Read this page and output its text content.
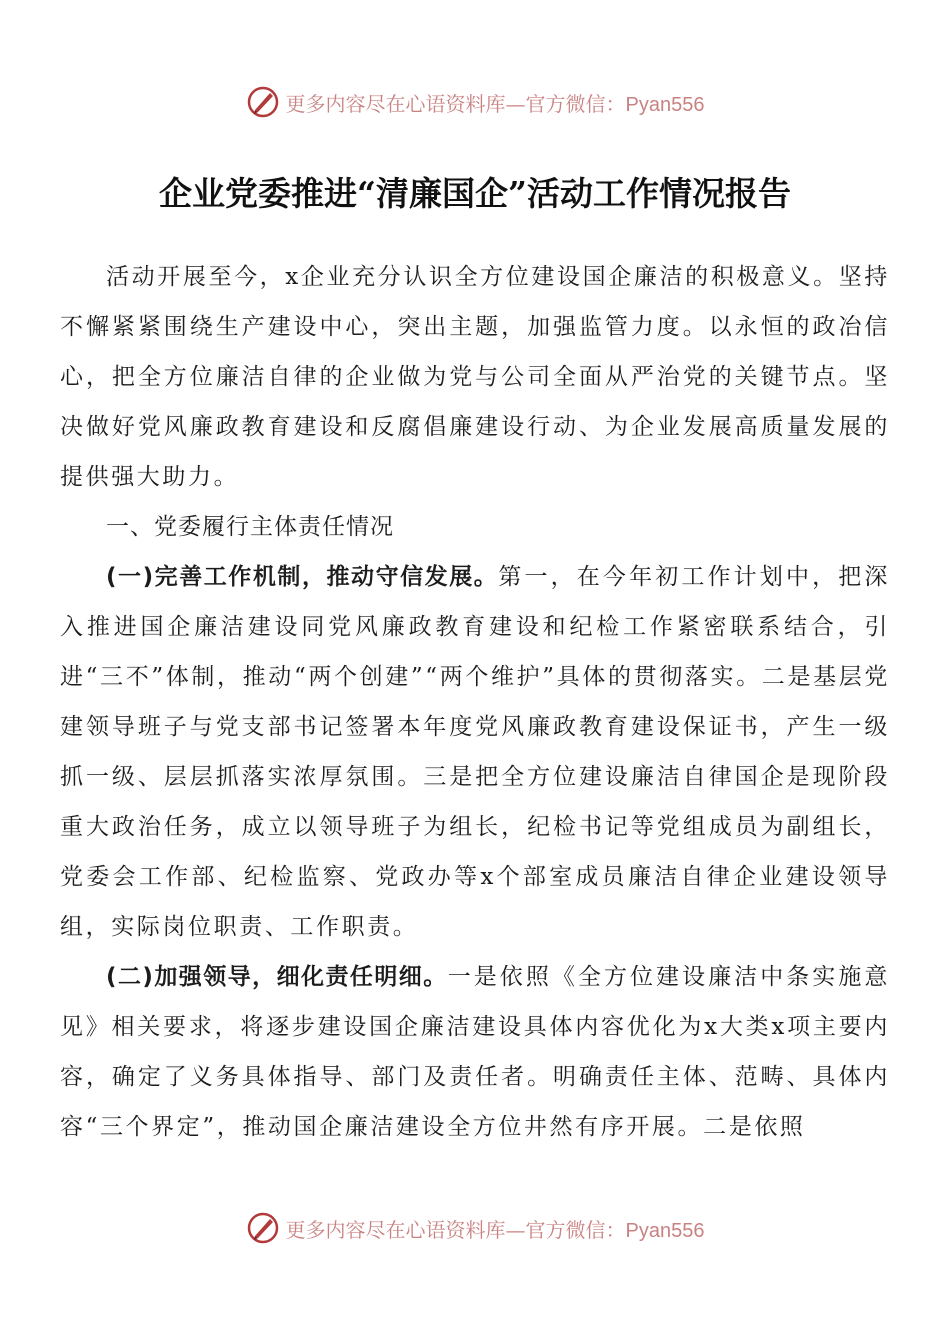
更多内容尽在心语资料库—官方微信：Pyan556
企业党委推进“清廉国企”活动工作情况报告

活动开展至今，x企业充分认识全方位建设国企廉洁的积极意义。坚持不懈紧紧围绕生产建设中心，突出主题，加强监管力度。以永恒的政冶信心，把全方位廉洁自律的企业做为党与公司全面从严治党的关键节点。坚决做好党风廉政教育建设和反腐倡廉建设行动、为企业发展高质量发展的提供强大助力。

一、党委履行主体责任情况

(一)完善工作机制，推动守信发展。第一，在今年初工作计划中，把深入推进国企廉洁建设同党风廉政教育建设和纪检工作紧密联系结合，引进“三不”体制，推动“两个创建”“两个维护”具体的贯彻落实。二是基层党建领导班子与党支部书记签署本年度党风廉政教育建设保证书，产生一级抓一级、层层抓落实浓厚氛围。三是把全方位建设廉洁自律国企是现阶段重大政治任务，成立以领导班子为组长，纪检书记等党组成员为副组长，党委会工作部、纪检监察、党政办等x个部室成员廉洁自律企业建设领导组，实际岗位职责、工作职责。

(二)加强领导，细化责任明细。一是依照《全方位建设廉洁中条实施意见》相关要求，将逐步建设国企廉洁建设具体内容优化为x大类x项主要内容，确定了义务具体指导、部门及责任者。明确责任主体、范畴、具体内容“三个界定”，推动国企廉洁建设全方位井然有序开展。二是依照

更多内容尽在心语资料库—官方微信：Pyan556
